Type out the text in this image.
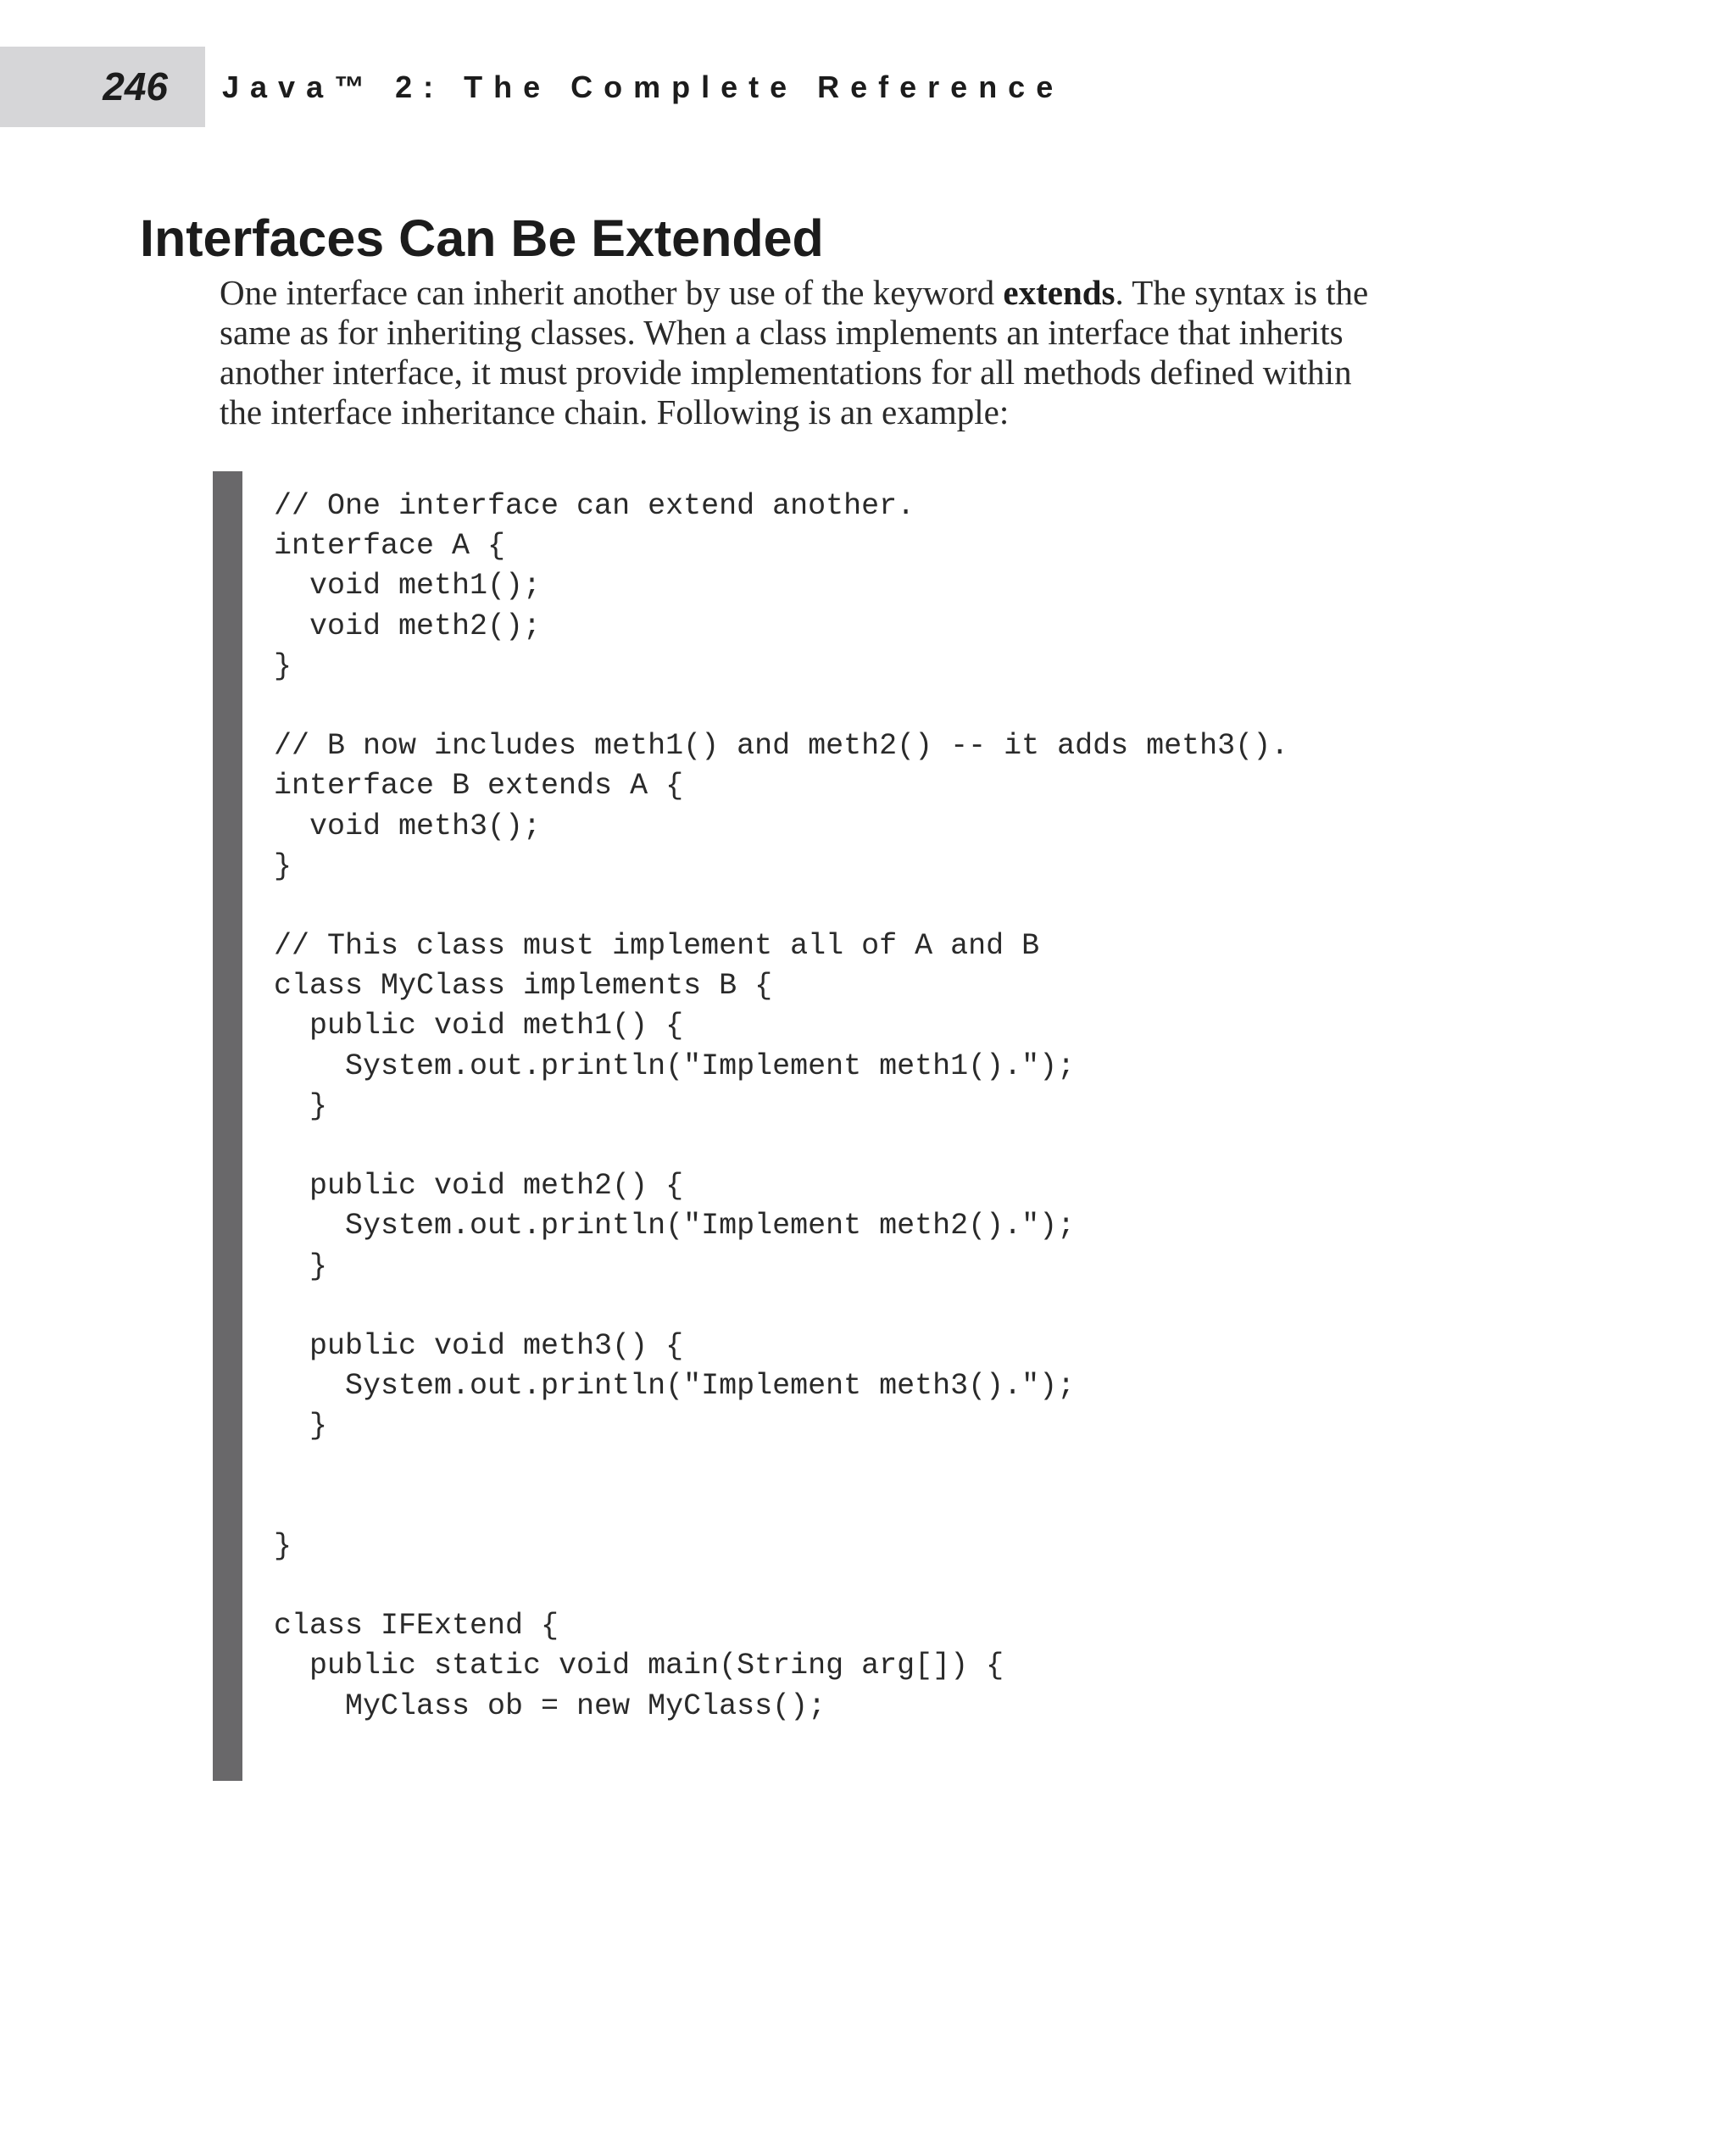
246 Java™ 2: The Complete Reference
Interfaces Can Be Extended

One interface can inherit another by use of the keyword extends. The syntax is the
same as for inheriting classes. When a class implements an interface that inherits
another interface, it must provide implementations for all methods defined within
the interface inheritance chain. Following is an example:

// One interface can extend another.
interface A {
void meth1();
void meth2();
}
// B now includes meth1() and meth2() -- it adds meth3().
interface B extends A {
void meth3();
}
// This class must implement all of A and B
class MyClass implements B {
public void meth1() {
System.out.println("Implement meth1().");
}
public void meth2() {
System.out.println("Implement meth2().");
}
public void meth3() {
System.out.println("Implement meth3().");
}
}
class IFExtend {
public static void main(String arg[]) {
MyClass ob = new MyClass();
